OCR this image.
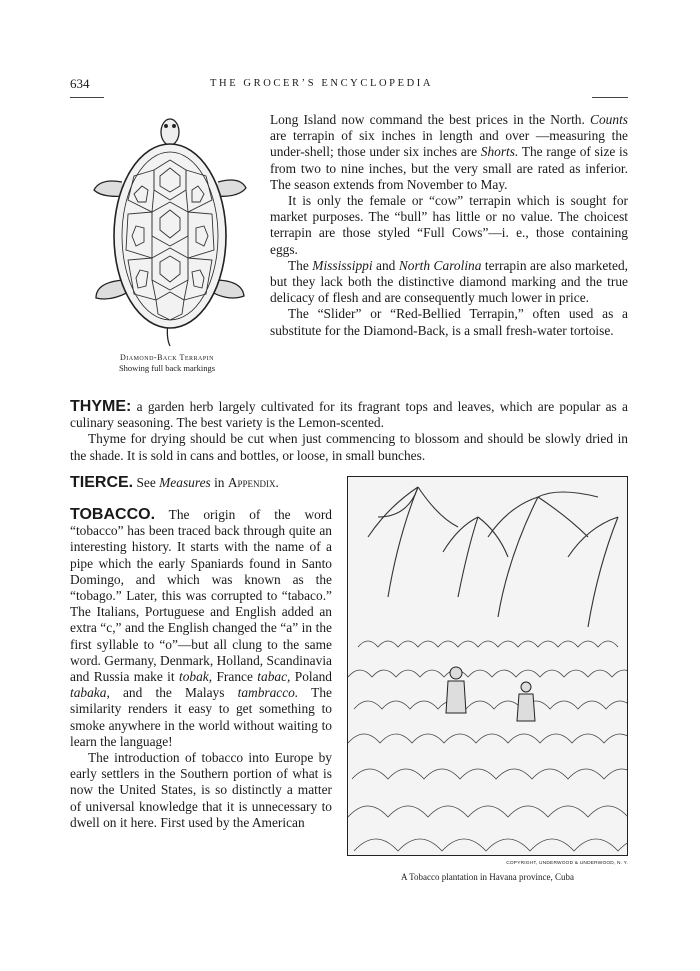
634	THE GROCER’S ENCYCLOPEDIA
Diamond-Back Terrapin
Showing full back markings

Long Island now command the best prices in the North. Counts are terrapin of six inches in length and over —measuring the under-shell; those under six inches are Shorts. The range of size is from two to nine inches, but the very small are rated as inferior. The season extends from November to May.

It is only the female or “cow” terrapin which is sought for market purposes. The “bull” has little or no value. The choicest terrapin are those styled “Full Cows”—i. e., those containing eggs.

The Mississippi and North Carolina terrapin are also marketed, but they lack both the distinctive diamond marking and the true delicacy of flesh and are consequently much lower in price.

The “Slider” or “Red-Bellied Terrapin,” often used as a substitute for the Diamond-Back, is a small fresh-water tortoise.

THYME: a garden herb largely cultivated for its fragrant tops and leaves, which are popular as a culinary seasoning. The best variety is the Lemon-scented.

Thyme for drying should be cut when just commencing to blossom and should be slowly dried in the shade. It is sold in cans and bottles, or loose, in small bunches.

TIERCE. See Measures in Appendix.

TOBACCO. The origin of the word “tobacco” has been traced back through quite an interesting history. It starts with the name of a pipe which the early Spaniards found in Santo Domingo, and which was known as the “tobago.” Later, this was corrupted to “tabaco.” The Italians, Portuguese and English added an extra “c,” and the English changed the “a” in the first syllable to “o”—but all clung to the same word. Germany, Denmark, Holland, Scandinavia and Russia make it tobak, France tabac, Poland tabaka, and the Malays tambracco. The similarity renders it easy to get something to smoke anywhere in the world without waiting to learn the language!

The introduction of tobacco into Europe by early settlers in the Southern portion of what is now the United States, is so distinctly a matter of universal knowledge that it is unnecessary to dwell on it here. First used by the American

COPYRIGHT, UNDERWOOD & UNDERWOOD, N. Y.
A Tobacco plantation in Havana province, Cuba
